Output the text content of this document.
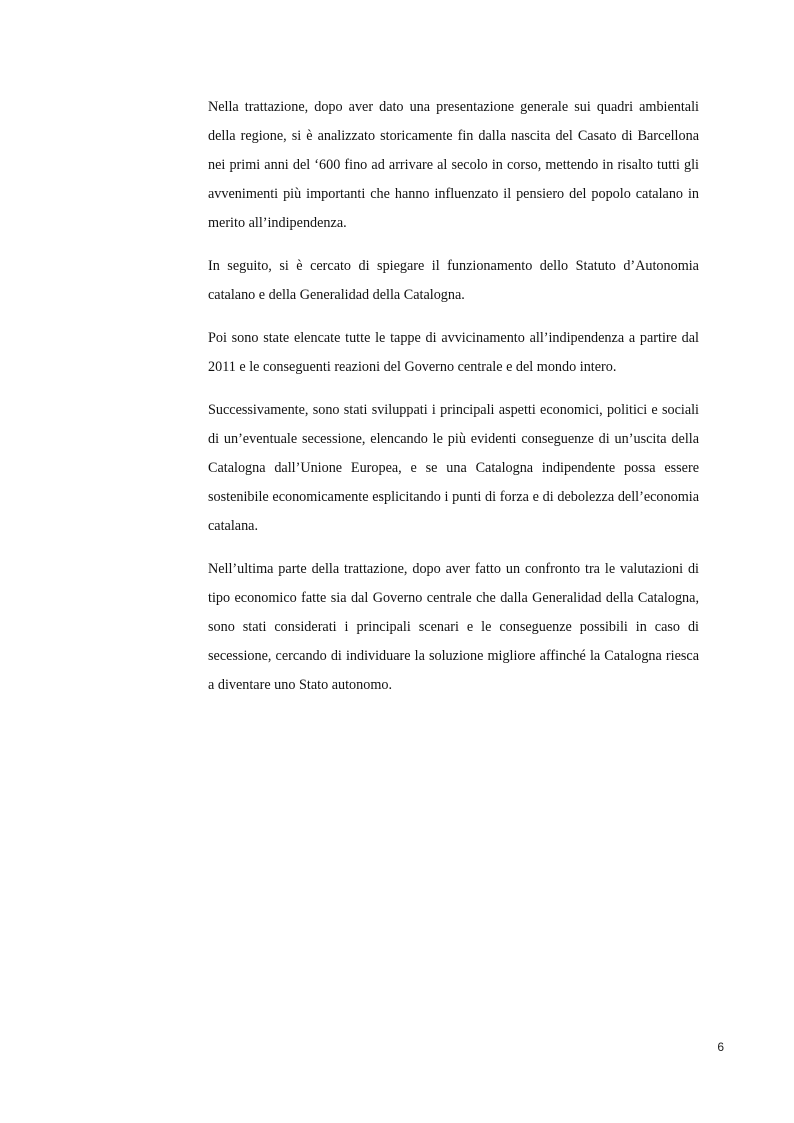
Nella trattazione, dopo aver dato una presentazione generale sui quadri ambientali della regione, si è analizzato storicamente fin dalla nascita del Casato di Barcellona nei primi anni del ‘600 fino ad arrivare al secolo in corso, mettendo in risalto tutti gli avvenimenti più importanti che hanno influenzato il pensiero del popolo catalano in merito all’indipendenza.

In seguito, si è cercato di spiegare il funzionamento dello Statuto d’Autonomia catalano e della Generalidad della Catalogna.

Poi sono state elencate tutte le tappe di avvicinamento all’indipendenza a partire dal 2011 e le conseguenti reazioni del Governo centrale e del mondo intero.

Successivamente, sono stati sviluppati i principali aspetti economici, politici e sociali di un’eventuale secessione, elencando le più evidenti conseguenze di un’uscita della Catalogna dall’Unione Europea, e se una Catalogna indipendente possa essere sostenibile economicamente esplicitando i punti di forza e di debolezza dell’economia catalana.

Nell’ultima parte della trattazione, dopo aver fatto un confronto tra le valutazioni di tipo economico fatte sia dal Governo centrale che dalla Generalidad della Catalogna, sono stati considerati i principali scenari e le conseguenze possibili in caso di secessione, cercando di individuare la soluzione migliore affinché la Catalogna riesca a diventare uno Stato autonomo.

6
